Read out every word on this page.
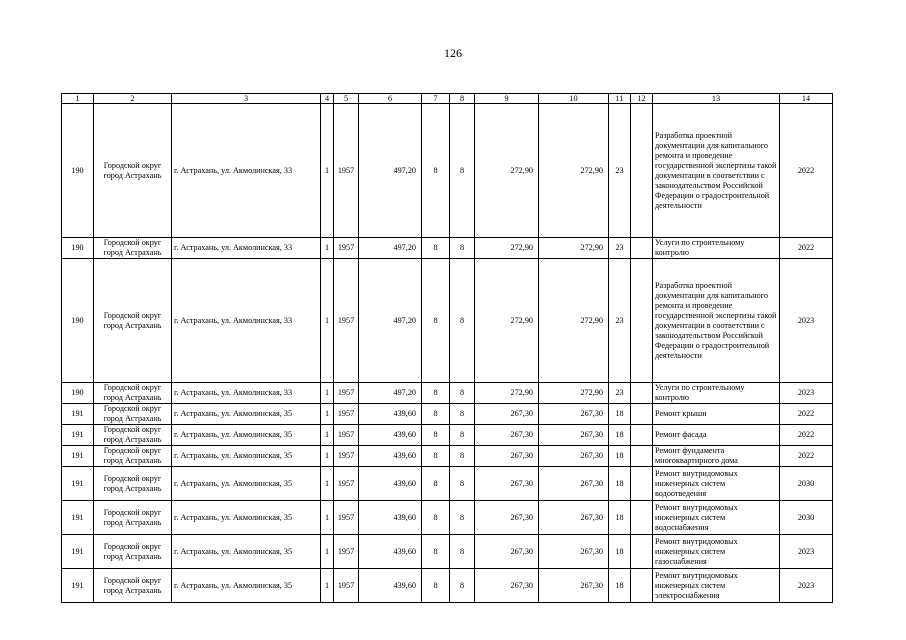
126
1	2	3	4	5	6	7	8	9	10	11	12	13	14
190	Городской округ город Астрахань	г. Астрахань, ул. Акмолинская, 33	1	1957	497,20	8	8	272,90	272,90	23		Разработка проектной документации для капитального ремонта и проведение государственной экспертизы такой документации в соответствии с законодательством Российской Федерации о градостроительной деятельности	2022
190	Городской округ город Астрахань	г. Астрахань, ул. Акмолинская, 33	1	1957	497,20	8	8	272,90	272,90	23		Услуги по строительному контролю	2022
190	Городской округ город Астрахань	г. Астрахань, ул. Акмолинская, 33	1	1957	497,20	8	8	272,90	272,90	23		Разработка проектной документации для капитального ремонта и проведение государственной экспертизы такой документации в соответствии с законодательством Российской Федерации о градостроительной деятельности	2023
190	Городской округ город Астрахань	г. Астрахань, ул. Акмолинская, 33	1	1957	497,20	8	8	272,90	272,90	23		Услуги по строительному контролю	2023
191	Городской округ город Астрахань	г. Астрахань, ул. Акмолинская, 35	1	1957	439,60	8	8	267,30	267,30	18		Ремонт крыши	2022
191	Городской округ город Астрахань	г. Астрахань, ул. Акмолинская, 35	1	1957	439,60	8	8	267,30	267,30	18		Ремонт фасада	2022
191	Городской округ город Астрахань	г. Астрахань, ул. Акмолинская, 35	1	1957	439,60	8	8	267,30	267,30	18		Ремонт фундамента многоквартирного дома	2022
191	Городской округ город Астрахань	г. Астрахань, ул. Акмолинская, 35	1	1957	439,60	8	8	267,30	267,30	18		Ремонт внутридомовых инженерных систем водоотведения	2030
191	Городской округ город Астрахань	г. Астрахань, ул. Акмолинская, 35	1	1957	439,60	8	8	267,30	267,30	18		Ремонт внутридомовых инженерных систем водоснабжения	2030
191	Городской округ город Астрахань	г. Астрахань, ул. Акмолинская, 35	1	1957	439,60	8	8	267,30	267,30	18		Ремонт внутридомовых инженерных систем газоснабжения	2023
191	Городской округ город Астрахань	г. Астрахань, ул. Акмолинская, 35	1	1957	439,60	8	8	267,30	267,30	18		Ремонт внутридомовых инженерных систем электроснабжения	2023
